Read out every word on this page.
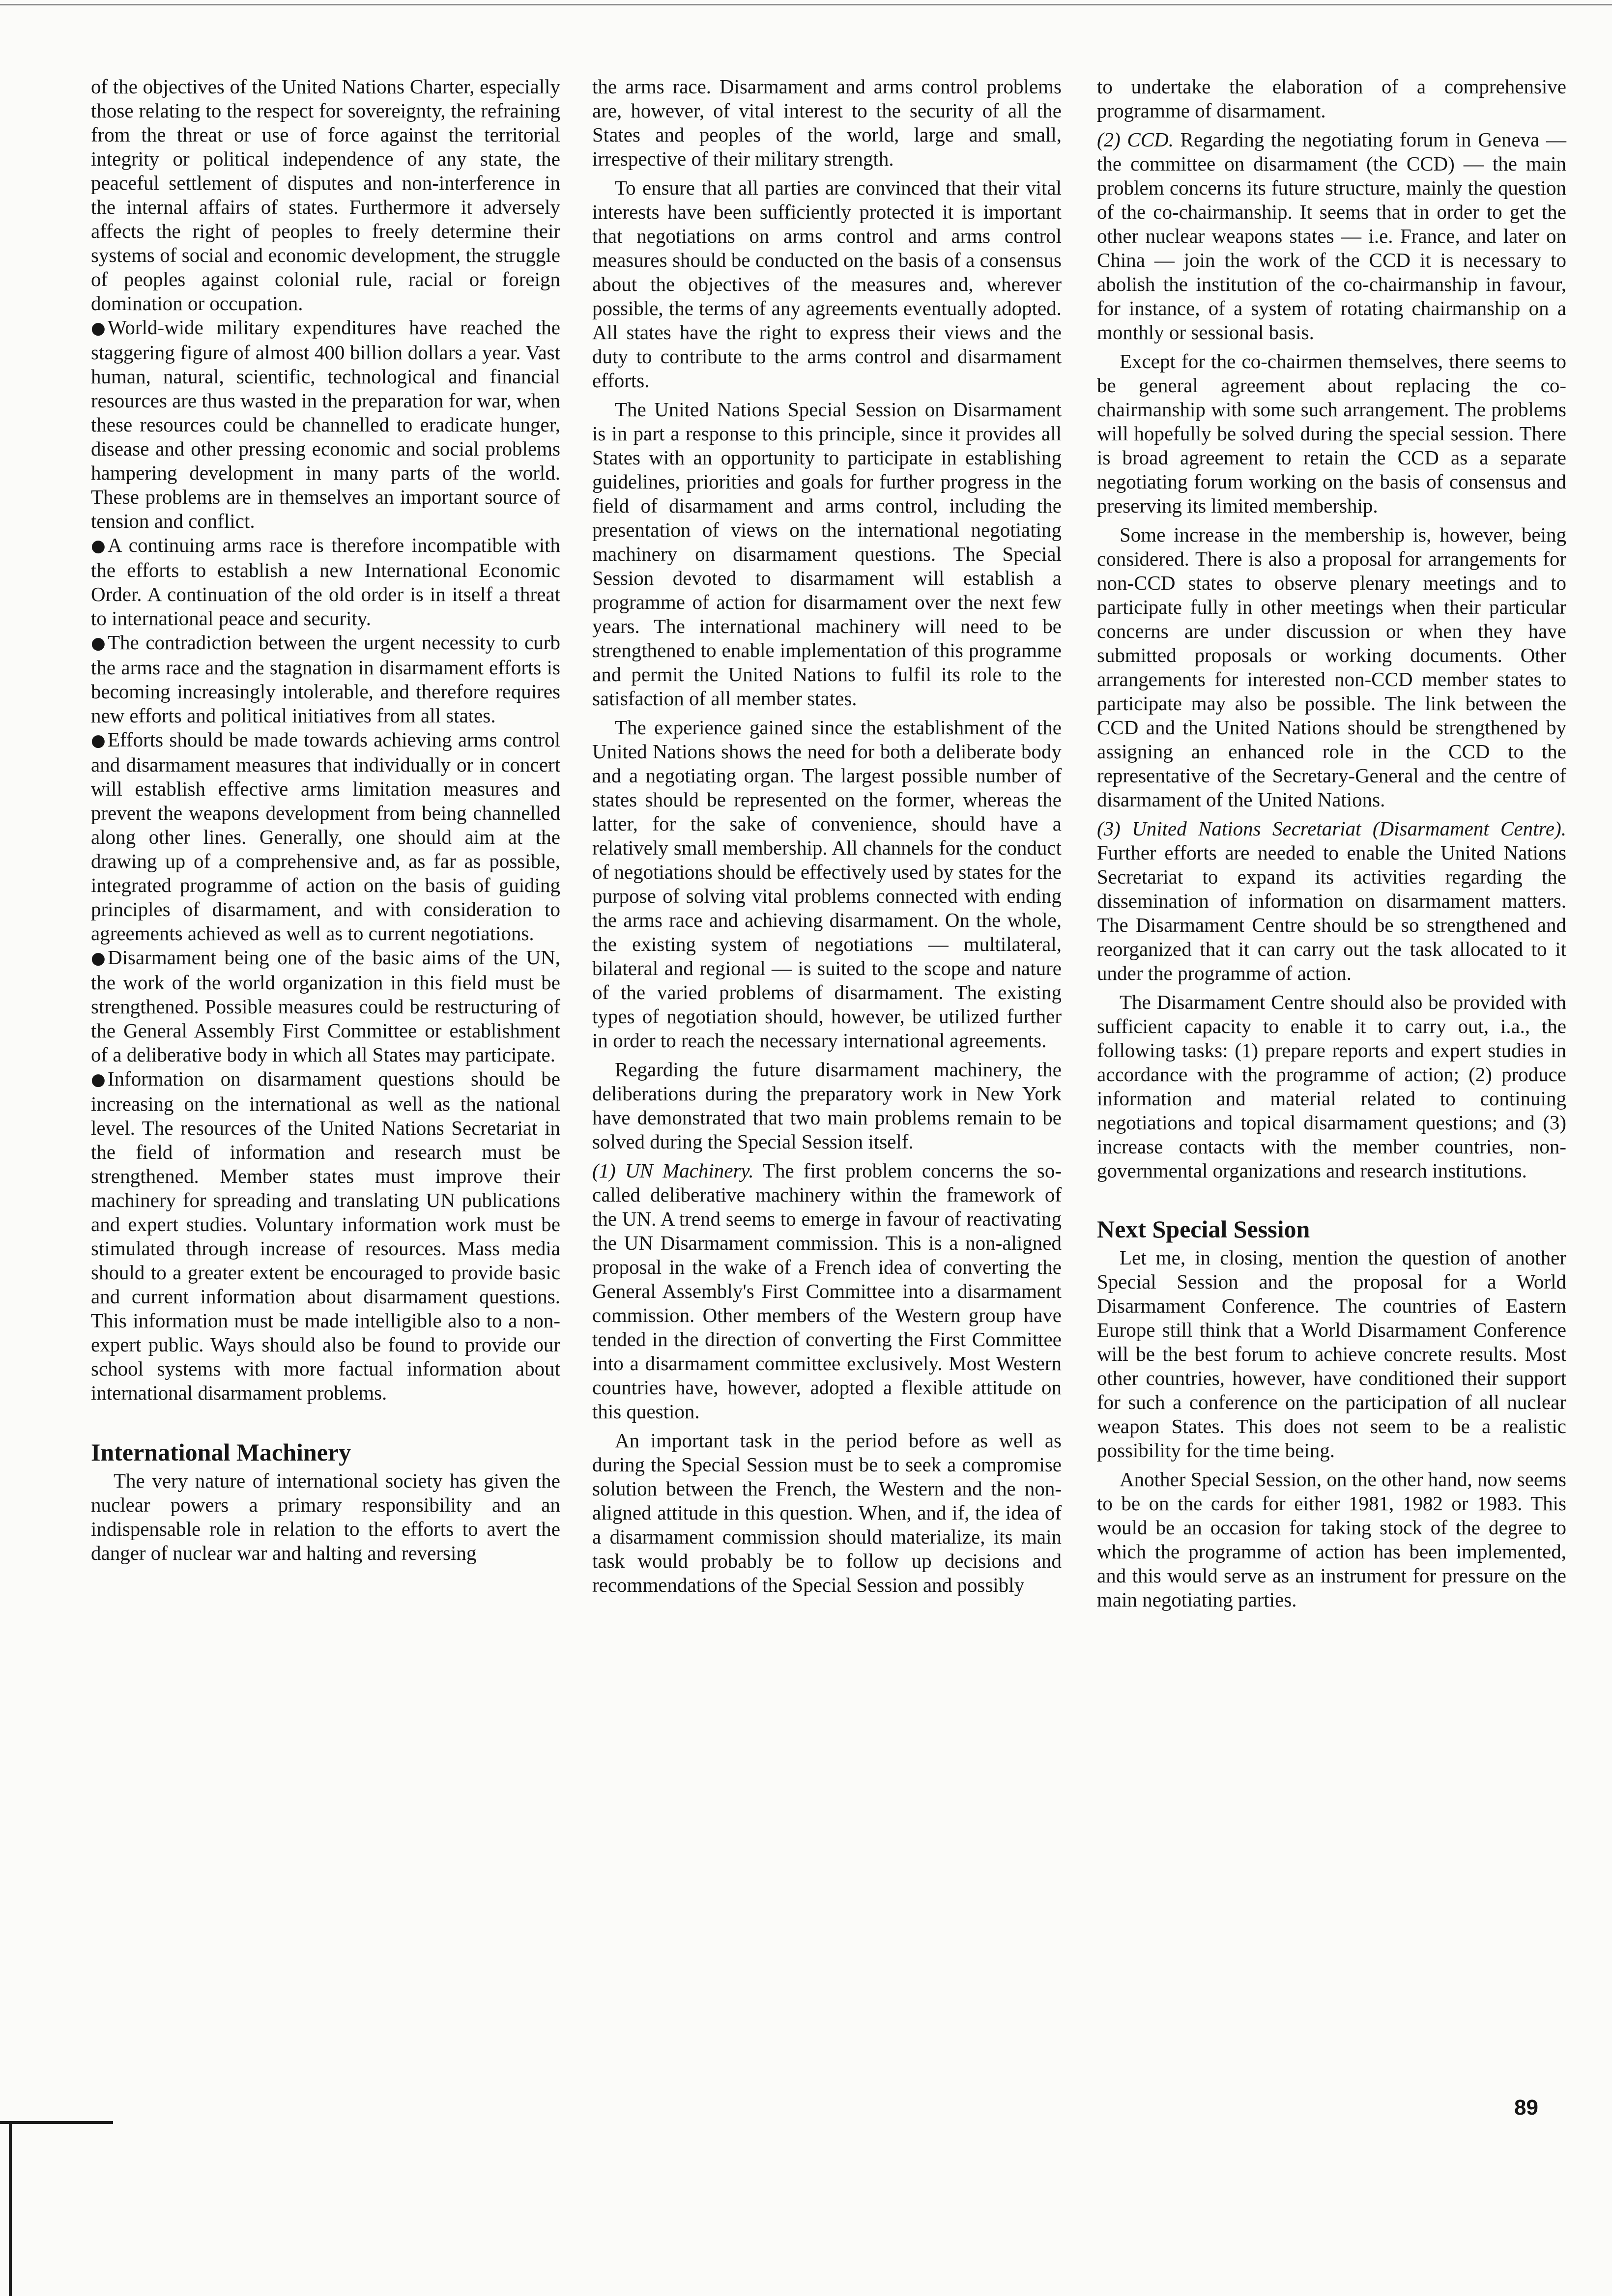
of the objectives of the United Nations Charter, especially those relating to the respect for sovereignty, the refraining from the threat or use of force against the territorial integrity or political independence of any state, the peaceful settlement of disputes and non-interference in the internal affairs of states. Furthermore it adversely affects the right of peoples to freely determine their systems of social and economic development, the struggle of peoples against colonial rule, racial or foreign domination or occupation.

● World-wide military expenditures have reached the staggering figure of almost 400 billion dollars a year. Vast human, natural, scientific, technological and financial resources are thus wasted in the preparation for war, when these resources could be channelled to eradicate hunger, disease and other pressing economic and social problems hampering development in many parts of the world. These problems are in themselves an important source of tension and conflict.

● A continuing arms race is therefore incompatible with the efforts to establish a new International Economic Order. A continuation of the old order is in itself a threat to international peace and security.

● The contradiction between the urgent necessity to curb the arms race and the stagnation in disarmament efforts is becoming increasingly intolerable, and therefore requires new efforts and political initiatives from all states.

● Efforts should be made towards achieving arms control and disarmament measures that individually or in concert will establish effective arms limitation measures and prevent the weapons development from being channelled along other lines. Generally, one should aim at the drawing up of a comprehensive and, as far as possible, integrated programme of action on the basis of guiding principles of disarmament, and with consideration to agreements achieved as well as to current negotiations.

● Disarmament being one of the basic aims of the UN, the work of the world organization in this field must be strengthened. Possible measures could be restructuring of the General Assembly First Committee or establishment of a deliberative body in which all States may participate.

● Information on disarmament questions should be increasing on the international as well as the national level. The resources of the United Nations Secretariat in the field of information and research must be strengthened. Member states must improve their machinery for spreading and translating UN publications and expert studies. Voluntary information work must be stimulated through increase of resources. Mass media should to a greater extent be encouraged to provide basic and current information about disarmament questions. This information must be made intelligible also to a non-expert public. Ways should also be found to provide our school systems with more factual information about international disarmament problems.

International Machinery

The very nature of international society has given the nuclear powers a primary responsibility and an indispensable role in relation to the efforts to avert the danger of nuclear war and halting and reversing

the arms race. Disarmament and arms control problems are, however, of vital interest to the security of all the States and peoples of the world, large and small, irrespective of their military strength.

To ensure that all parties are convinced that their vital interests have been sufficiently protected it is important that negotiations on arms control and arms control measures should be conducted on the basis of a consensus about the objectives of the measures and, wherever possible, the terms of any agreements eventually adopted. All states have the right to express their views and the duty to contribute to the arms control and disarmament efforts.

The United Nations Special Session on Disarmament is in part a response to this principle, since it provides all States with an opportunity to participate in establishing guidelines, priorities and goals for further progress in the field of disarmament and arms control, including the presentation of views on the international negotiating machinery on disarmament questions. The Special Session devoted to disarmament will establish a programme of action for disarmament over the next few years. The international machinery will need to be strengthened to enable implementation of this programme and permit the United Nations to fulfil its role to the satisfaction of all member states.

The experience gained since the establishment of the United Nations shows the need for both a deliberate body and a negotiating organ. The largest possible number of states should be represented on the former, whereas the latter, for the sake of convenience, should have a relatively small membership. All channels for the conduct of negotiations should be effectively used by states for the purpose of solving vital problems connected with ending the arms race and achieving disarmament. On the whole, the existing system of negotiations — multilateral, bilateral and regional — is suited to the scope and nature of the varied problems of disarmament. The existing types of negotiation should, however, be utilized further in order to reach the necessary international agreements.

Regarding the future disarmament machinery, the deliberations during the preparatory work in New York have demonstrated that two main problems remain to be solved during the Special Session itself.

(1) UN Machinery. The first problem concerns the so-called deliberative machinery within the framework of the UN. A trend seems to emerge in favour of reactivating the UN Disarmament commission. This is a non-aligned proposal in the wake of a French idea of converting the General Assembly's First Committee into a disarmament commission. Other members of the Western group have tended in the direction of converting the First Committee into a disarmament committee exclusively. Most Western countries have, however, adopted a flexible attitude on this question.

An important task in the period before as well as during the Special Session must be to seek a compromise solution between the French, the Western and the non-aligned attitude in this question. When, and if, the idea of a disarmament commission should materialize, its main task would probably be to follow up decisions and recommendations of the Special Session and possibly

to undertake the elaboration of a comprehensive programme of disarmament.

(2) CCD. Regarding the negotiating forum in Geneva — the committee on disarmament (the CCD) — the main problem concerns its future structure, mainly the question of the co-chairmanship. It seems that in order to get the other nuclear weapons states — i.e. France, and later on China — join the work of the CCD it is necessary to abolish the institution of the co-chairmanship in favour, for instance, of a system of rotating chairmanship on a monthly or sessional basis.

Except for the co-chairmen themselves, there seems to be general agreement about replacing the co-chairmanship with some such arrangement. The problems will hopefully be solved during the special session. There is broad agreement to retain the CCD as a separate negotiating forum working on the basis of consensus and preserving its limited membership.

Some increase in the membership is, however, being considered. There is also a proposal for arrangements for non-CCD states to observe plenary meetings and to participate fully in other meetings when their particular concerns are under discussion or when they have submitted proposals or working documents. Other arrangements for interested non-CCD member states to participate may also be possible. The link between the CCD and the United Nations should be strengthened by assigning an enhanced role in the CCD to the representative of the Secretary-General and the centre of disarmament of the United Nations.

(3) United Nations Secretariat (Disarmament Centre). Further efforts are needed to enable the United Nations Secretariat to expand its activities regarding the dissemination of information on disarmament matters. The Disarmament Centre should be so strengthened and reorganized that it can carry out the task allocated to it under the programme of action.

The Disarmament Centre should also be provided with sufficient capacity to enable it to carry out, i.a., the following tasks: (1) prepare reports and expert studies in accordance with the programme of action; (2) produce information and material related to continuing negotiations and topical disarmament questions; and (3) increase contacts with the member countries, non-governmental organizations and research institutions.

Next Special Session

Let me, in closing, mention the question of another Special Session and the proposal for a World Disarmament Conference. The countries of Eastern Europe still think that a World Disarmament Conference will be the best forum to achieve concrete results. Most other countries, however, have conditioned their support for such a conference on the participation of all nuclear weapon States. This does not seem to be a realistic possibility for the time being.

Another Special Session, on the other hand, now seems to be on the cards for either 1981, 1982 or 1983. This would be an occasion for taking stock of the degree to which the programme of action has been implemented, and this would serve as an instrument for pressure on the main negotiating parties.

89
